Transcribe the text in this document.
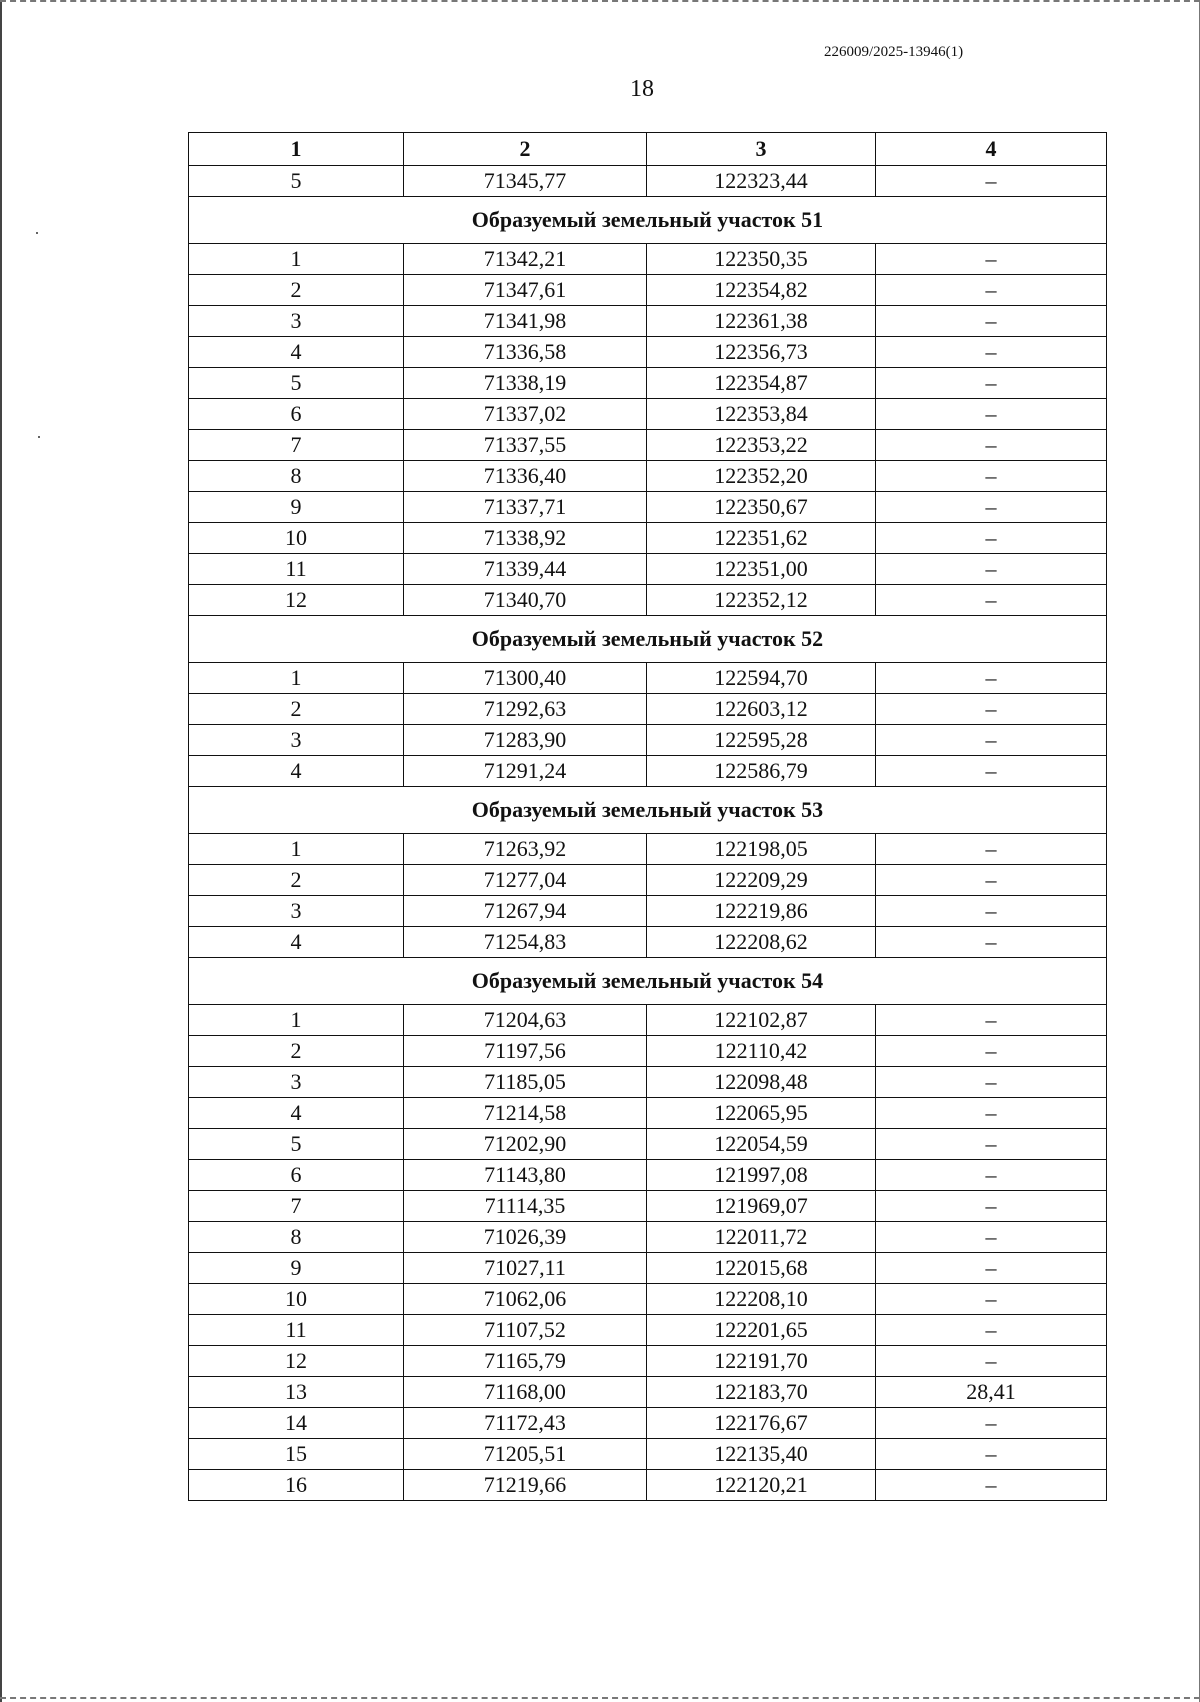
226009/2025-13946(1)
18
1	2	3	4
5	71345,77	122323,44	–
Образуемый земельный участок 51			
1	71342,21	122350,35	–
2	71347,61	122354,82	–
3	71341,98	122361,38	–
4	71336,58	122356,73	–
5	71338,19	122354,87	–
6	71337,02	122353,84	–
7	71337,55	122353,22	–
8	71336,40	122352,20	–
9	71337,71	122350,67	–
10	71338,92	122351,62	–
11	71339,44	122351,00	–
12	71340,70	122352,12	–
Образуемый земельный участок 52			
1	71300,40	122594,70	–
2	71292,63	122603,12	–
3	71283,90	122595,28	–
4	71291,24	122586,79	–
Образуемый земельный участок 53			
1	71263,92	122198,05	–
2	71277,04	122209,29	–
3	71267,94	122219,86	–
4	71254,83	122208,62	–
Образуемый земельный участок 54			
1	71204,63	122102,87	–
2	71197,56	122110,42	–
3	71185,05	122098,48	–
4	71214,58	122065,95	–
5	71202,90	122054,59	–
6	71143,80	121997,08	–
7	71114,35	121969,07	–
8	71026,39	122011,72	–
9	71027,11	122015,68	–
10	71062,06	122208,10	–
11	71107,52	122201,65	–
12	71165,79	122191,70	–
13	71168,00	122183,70	28,41
14	71172,43	122176,67	–
15	71205,51	122135,40	–
16	71219,66	122120,21	–
